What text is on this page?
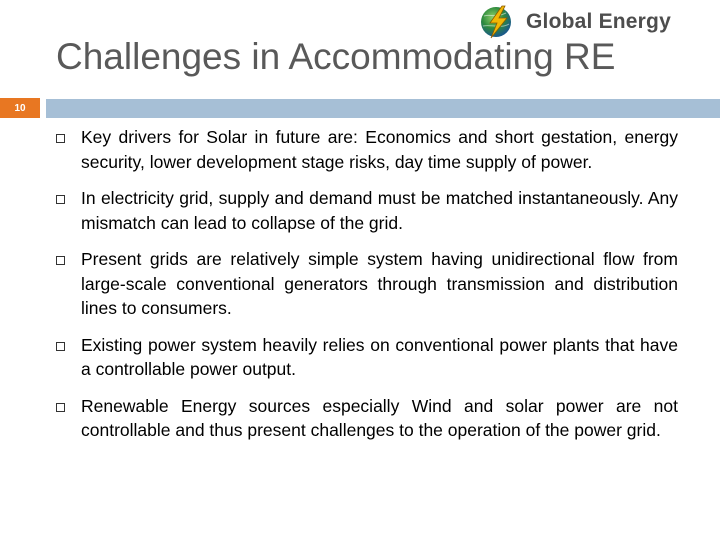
Global Energy
Challenges in Accommodating RE
10
Key drivers for Solar in future are: Economics and short gestation, energy security, lower development stage risks, day time supply of power.
In electricity grid, supply and demand must be matched instantaneously. Any mismatch can lead to collapse of the grid.
Present grids are relatively simple system having unidirectional flow from large-scale conventional generators through transmission and distribution lines to consumers.
Existing power system heavily relies on conventional power plants that have a controllable power output.
Renewable Energy sources especially Wind and solar power are not controllable and thus present challenges to the operation of the power grid.
